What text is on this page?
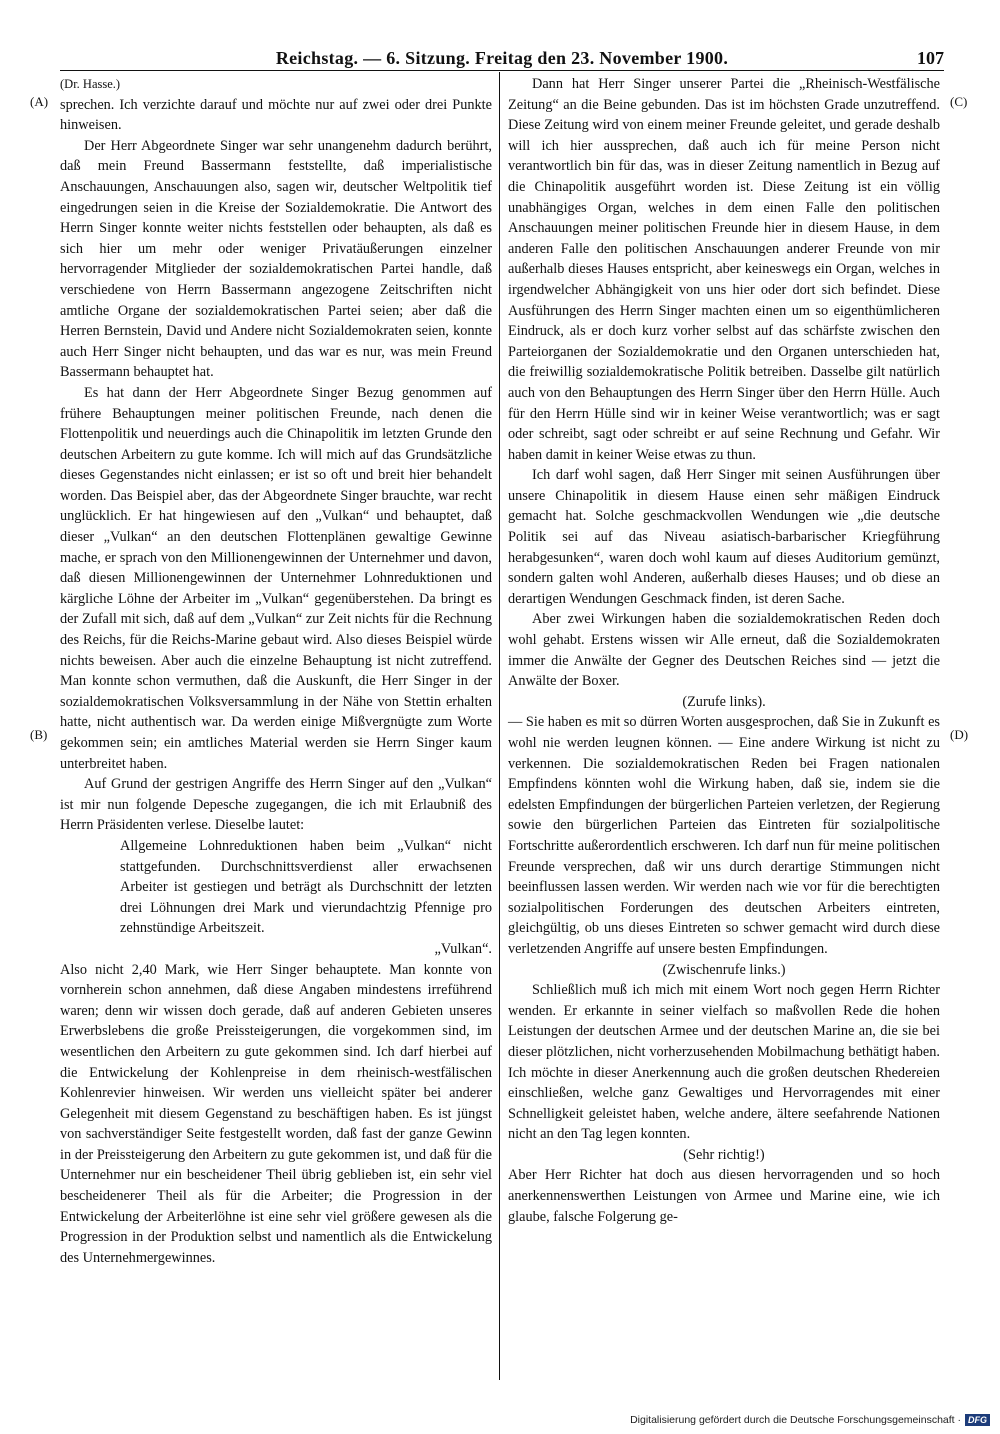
Reichstag. — 6. Sitzung. Freitag den 23. November 1900.	107
(A)
(B)
(C)
(D)

(Dr. Hasse.)

sprechen. Ich verzichte darauf und möchte nur auf zwei oder drei Punkte hinweisen.

Der Herr Abgeordnete Singer war sehr unangenehm dadurch berührt, daß mein Freund Bassermann feststellte, daß imperialistische Anschauungen, Anschauungen also, sagen wir, deutscher Weltpolitik tief eingedrungen seien in die Kreise der Sozialdemokratie. Die Antwort des Herrn Singer konnte weiter nichts feststellen oder behaupten, als daß es sich hier um mehr oder weniger Privatäußerungen einzelner hervorragender Mitglieder der sozialdemokratischen Partei handle, daß verschiedene von Herrn Bassermann angezogene Zeitschriften nicht amtliche Organe der sozialdemokratischen Partei seien; aber daß die Herren Bernstein, David und Andere nicht Sozialdemokraten seien, konnte auch Herr Singer nicht behaupten, und das war es nur, was mein Freund Bassermann behauptet hat.

Es hat dann der Herr Abgeordnete Singer Bezug genommen auf frühere Behauptungen meiner politischen Freunde, nach denen die Flottenpolitik und neuerdings auch die Chinapolitik im letzten Grunde den deutschen Arbeitern zu gute komme. Ich will mich auf das Grundsätzliche dieses Gegenstandes nicht einlassen; er ist so oft und breit hier behandelt worden. Das Beispiel aber, das der Abgeordnete Singer brauchte, war recht unglücklich. Er hat hingewiesen auf den „Vulkan“ und behauptet, daß dieser „Vulkan“ an den deutschen Flottenplänen gewaltige Gewinne mache, er sprach von den Millionengewinnen der Unternehmer und davon, daß diesen Millionengewinnen der Unternehmer Lohnreduktionen und kärgliche Löhne der Arbeiter im „Vulkan“ gegenüberstehen. Da bringt es der Zufall mit sich, daß auf dem „Vulkan“ zur Zeit nichts für die Rechnung des Reichs, für die Reichs-Marine gebaut wird. Also dieses Beispiel würde nichts beweisen. Aber auch die einzelne Behauptung ist nicht zutreffend. Man konnte schon vermuthen, daß die Auskunft, die Herr Singer in der sozialdemokratischen Volksversammlung in der Nähe von Stettin erhalten hatte, nicht authentisch war. Da werden einige Mißvergnügte zum Worte gekommen sein; ein amtliches Material werden sie Herrn Singer kaum unterbreitet haben.

Auf Grund der gestrigen Angriffe des Herrn Singer auf den „Vulkan“ ist mir nun folgende Depesche zugegangen, die ich mit Erlaubniß des Herrn Präsidenten verlese. Dieselbe lautet:

Allgemeine Lohnreduktionen haben beim „Vulkan“ nicht stattgefunden. Durchschnittsverdienst aller erwachsenen Arbeiter ist gestiegen und beträgt als Durchschnitt der letzten drei Löhnungen drei Mark und vierundachtzig Pfennige pro zehnstündige Arbeitszeit.

„Vulkan“.

Also nicht 2,40 Mark, wie Herr Singer behauptete. Man konnte von vornherein schon annehmen, daß diese Angaben mindestens irreführend waren; denn wir wissen doch gerade, daß auf anderen Gebieten unseres Erwerbslebens die große Preissteigerungen, die vorgekommen sind, im wesentlichen den Arbeitern zu gute gekommen sind. Ich darf hierbei auf die Entwickelung der Kohlenpreise in dem rheinisch-westfälischen Kohlenrevier hinweisen. Wir werden uns vielleicht später bei anderer Gelegenheit mit diesem Gegenstand zu beschäftigen haben. Es ist jüngst von sachverständiger Seite festgestellt worden, daß fast der ganze Gewinn in der Preissteigerung den Arbeitern zu gute gekommen ist, und daß für die Unternehmer nur ein bescheidener Theil übrig geblieben ist, ein sehr viel bescheidenerer Theil als für die Arbeiter; die Progression in der Entwickelung der Arbeiterlöhne ist eine sehr viel größere gewesen als die Progression in der Produktion selbst und namentlich als die Entwickelung des Unternehmergewinnes.

Dann hat Herr Singer unserer Partei die „Rheinisch-Westfälische Zeitung“ an die Beine gebunden. Das ist im höchsten Grade unzutreffend. Diese Zeitung wird von einem meiner Freunde geleitet, und gerade deshalb will ich hier aussprechen, daß auch ich für meine Person nicht verantwortlich bin für das, was in dieser Zeitung namentlich in Bezug auf die Chinapolitik ausgeführt worden ist. Diese Zeitung ist ein völlig unabhängiges Organ, welches in dem einen Falle den politischen Anschauungen meiner politischen Freunde hier in diesem Hause, in dem anderen Falle den politischen Anschauungen anderer Freunde von mir außerhalb dieses Hauses entspricht, aber keineswegs ein Organ, welches in irgendwelcher Abhängigkeit von uns hier oder dort sich befindet. Diese Ausführungen des Herrn Singer machten einen um so eigenthümlicheren Eindruck, als er doch kurz vorher selbst auf das schärfste zwischen den Parteiorganen der Sozialdemokratie und den Organen unterschieden hat, die freiwillig sozialdemokratische Politik betreiben. Dasselbe gilt natürlich auch von den Behauptungen des Herrn Singer über den Herrn Hülle. Auch für den Herrn Hülle sind wir in keiner Weise verantwortlich; was er sagt oder schreibt, sagt oder schreibt er auf seine Rechnung und Gefahr. Wir haben damit in keiner Weise etwas zu thun.

Ich darf wohl sagen, daß Herr Singer mit seinen Ausführungen über unsere Chinapolitik in diesem Hause einen sehr mäßigen Eindruck gemacht hat. Solche geschmackvollen Wendungen wie „die deutsche Politik sei auf das Niveau asiatisch-barbarischer Kriegführung herabgesunken“, waren doch wohl kaum auf dieses Auditorium gemünzt, sondern galten wohl Anderen, außerhalb dieses Hauses; und ob diese an derartigen Wendungen Geschmack finden, ist deren Sache.

Aber zwei Wirkungen haben die sozialdemokratischen Reden doch wohl gehabt. Erstens wissen wir Alle erneut, daß die Sozialdemokraten immer die Anwälte der Gegner des Deutschen Reiches sind — jetzt die Anwälte der Boxer.

(Zurufe links).

— Sie haben es mit so dürren Worten ausgesprochen, daß Sie in Zukunft es wohl nie werden leugnen können. — Eine andere Wirkung ist nicht zu verkennen. Die sozialdemokratischen Reden bei Fragen nationalen Empfindens könnten wohl die Wirkung haben, daß sie, indem sie die edelsten Empfindungen der bürgerlichen Parteien verletzen, der Regierung sowie den bürgerlichen Parteien das Eintreten für sozialpolitische Fortschritte außerordentlich erschweren. Ich darf nun für meine politischen Freunde versprechen, daß wir uns durch derartige Stimmungen nicht beeinflussen lassen werden. Wir werden nach wie vor für die berechtigten sozialpolitischen Forderungen des deutschen Arbeiters eintreten, gleichgültig, ob uns dieses Eintreten so schwer gemacht wird durch diese verletzenden Angriffe auf unsere besten Empfindungen.

(Zwischenrufe links.)

Schließlich muß ich mich mit einem Wort noch gegen Herrn Richter wenden. Er erkannte in seiner vielfach so maßvollen Rede die hohen Leistungen der deutschen Armee und der deutschen Marine an, die sie bei dieser plötzlichen, nicht vorherzusehenden Mobilmachung bethätigt haben. Ich möchte in dieser Anerkennung auch die großen deutschen Rhedereien einschließen, welche ganz Gewaltiges und Hervorragendes mit einer Schnelligkeit geleistet haben, welche andere, ältere seefahrende Nationen nicht an den Tag legen konnten.

(Sehr richtig!)

Aber Herr Richter hat doch aus diesen hervorragenden und so hoch anerkennenswerthen Leistungen von Armee und Marine eine, wie ich glaube, falsche Folgerung ge-

Digitalisierung gefördert durch die Deutsche Forschungsgemeinschaft · DFG
